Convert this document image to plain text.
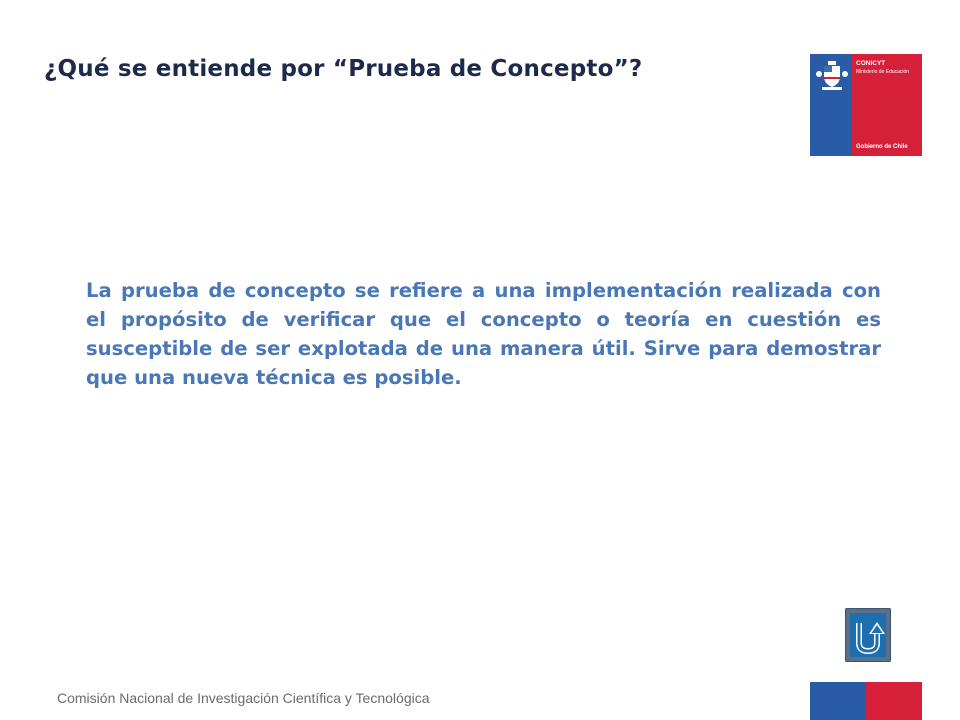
¿Qué se entiende por “Prueba de Concepto”?	CONICYT
Ministerio de Educación
Gobierno de Chile
La prueba de concepto se refiere a una implementación realizada con el propósito de verificar que el concepto o teoría en cuestión es susceptible de ser explotada de una manera útil. Sirve para demostrar que una nueva técnica es posible.
Comisión Nacional de Investigación Científica y Tecnológica
